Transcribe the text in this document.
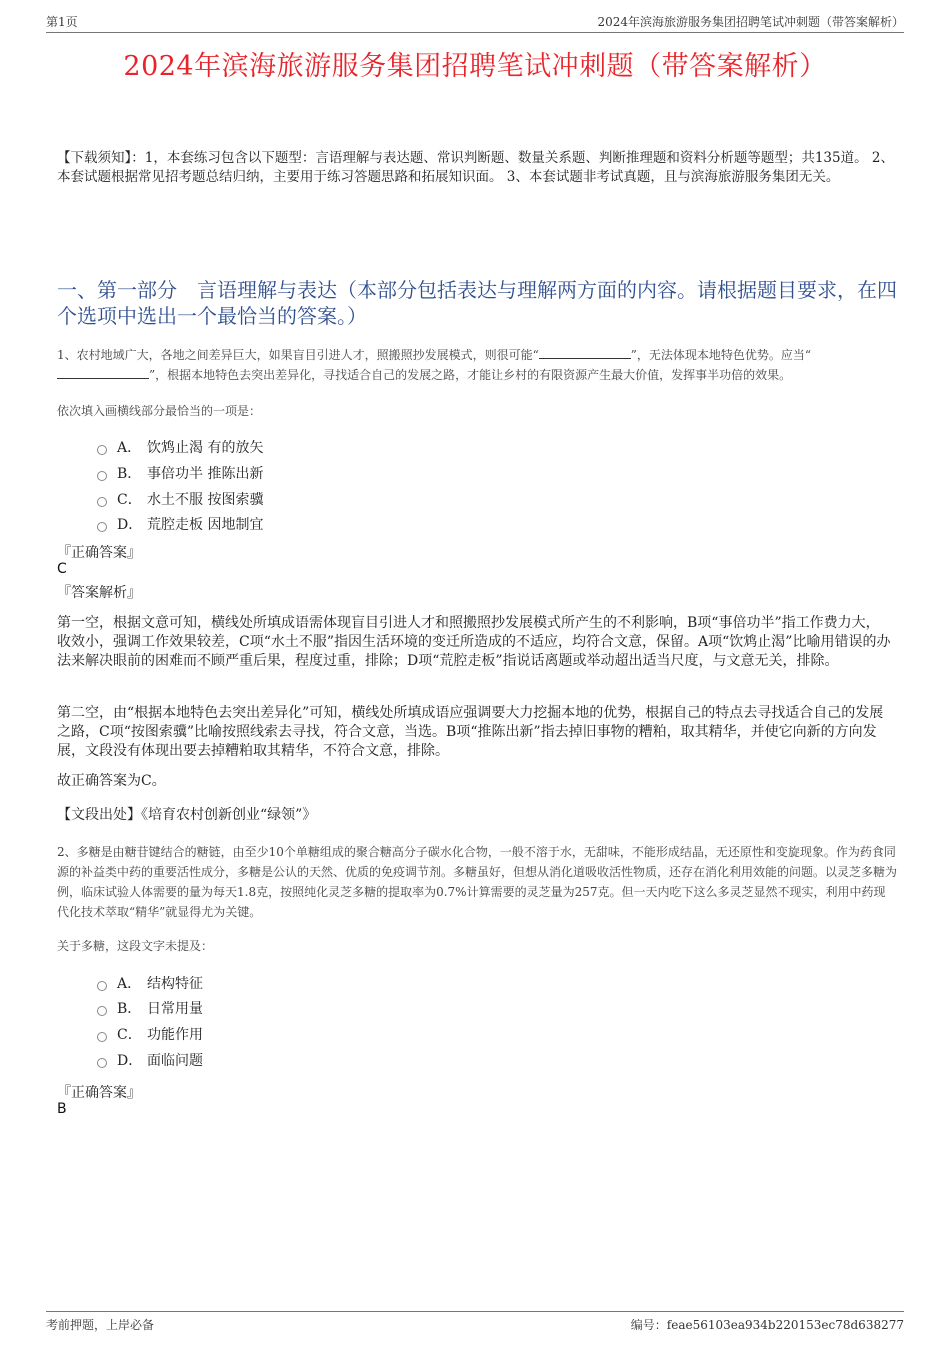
第1页	2024年滨海旅游服务集团招聘笔试冲刺题（带答案解析）
2024年滨海旅游服务集团招聘笔试冲刺题（带答案解析）
【下载须知】：1，本套练习包含以下题型：言语理解与表达题、常识判断题、数量关系题、判断推理题和资料分析题等题型；共135道。 2、本套试题根据常见招考题总结归纳，主要用于练习答题思路和拓展知识面。 3、本套试题非考试真题，且与滨海旅游服务集团无关。
一、第一部分　言语理解与表达（本部分包括表达与理解两方面的内容。请根据题目要求，在四个选项中选出一个最恰当的答案。）
1、农村地域广大，各地之间差异巨大，如果盲目引进人才，照搬照抄发展模式，则很可能“	”，无法体现本地特色优势。应当“”，根据本地特色去突出差异化，寻找适合自己的发展之路，才能让乡村的有限资源产生最大价值，发挥事半功倍的效果。
依次填入画横线部分最恰当的一项是：
A． 饮鸩止渴 有的放矢
B． 事倍功半 推陈出新
C． 水土不服 按图索骥
D． 荒腔走板 因地制宜
『正确答案』
C
『答案解析』
第一空，根据文意可知，横线处所填成语需体现盲目引进人才和照搬照抄发展模式所产生的不利影响，B项“事倍功半”指工作费力大，收效小，强调工作效果较差，C项“水土不服”指因生活环境的变迁所造成的不适应，均符合文意，保留。A项“饮鸩止渴”比喻用错误的办法来解决眼前的困难而不顾严重后果，程度过重，排除；D项“荒腔走板”指说话离题或举动超出适当尺度，与文意无关，排除。
第二空，由“根据本地特色去突出差异化”可知，横线处所填成语应强调要大力挖掘本地的优势，根据自己的特点去寻找适合自己的发展之路，C项“按图索骥”比喻按照线索去寻找，符合文意，当选。B项“推陈出新”指去掉旧事物的糟粕，取其精华，并使它向新的方向发展，文段没有体现出要去掉糟粕取其精华，不符合文意，排除。
故正确答案为C。
【文段出处】《培育农村创新创业“绿领”》
2、多糖是由糖苷键结合的糖链，由至少10个单糖组成的聚合糖高分子碳水化合物，一般不溶于水，无甜味，不能形成结晶，无还原性和变旋现象。作为药食同源的补益类中药的重要活性成分，多糖是公认的天然、优质的免疫调节剂。多糖虽好，但想从消化道吸收活性物质，还存在消化利用效能的问题。以灵芝多糖为例，临床试验人体需要的量为每天1.8克，按照纯化灵芝多糖的提取率为0.7%计算需要的灵芝量为257克。但一天内吃下这么多灵芝显然不现实，利用中药现代化技术萃取“精华”就显得尤为关键。
关于多糖，这段文字未提及：
A． 结构特征
B． 日常用量
C． 功能作用
D． 面临问题
『正确答案』
B
考前押题，上岸必备	编号：feae56103ea934b220153ec78d638277
